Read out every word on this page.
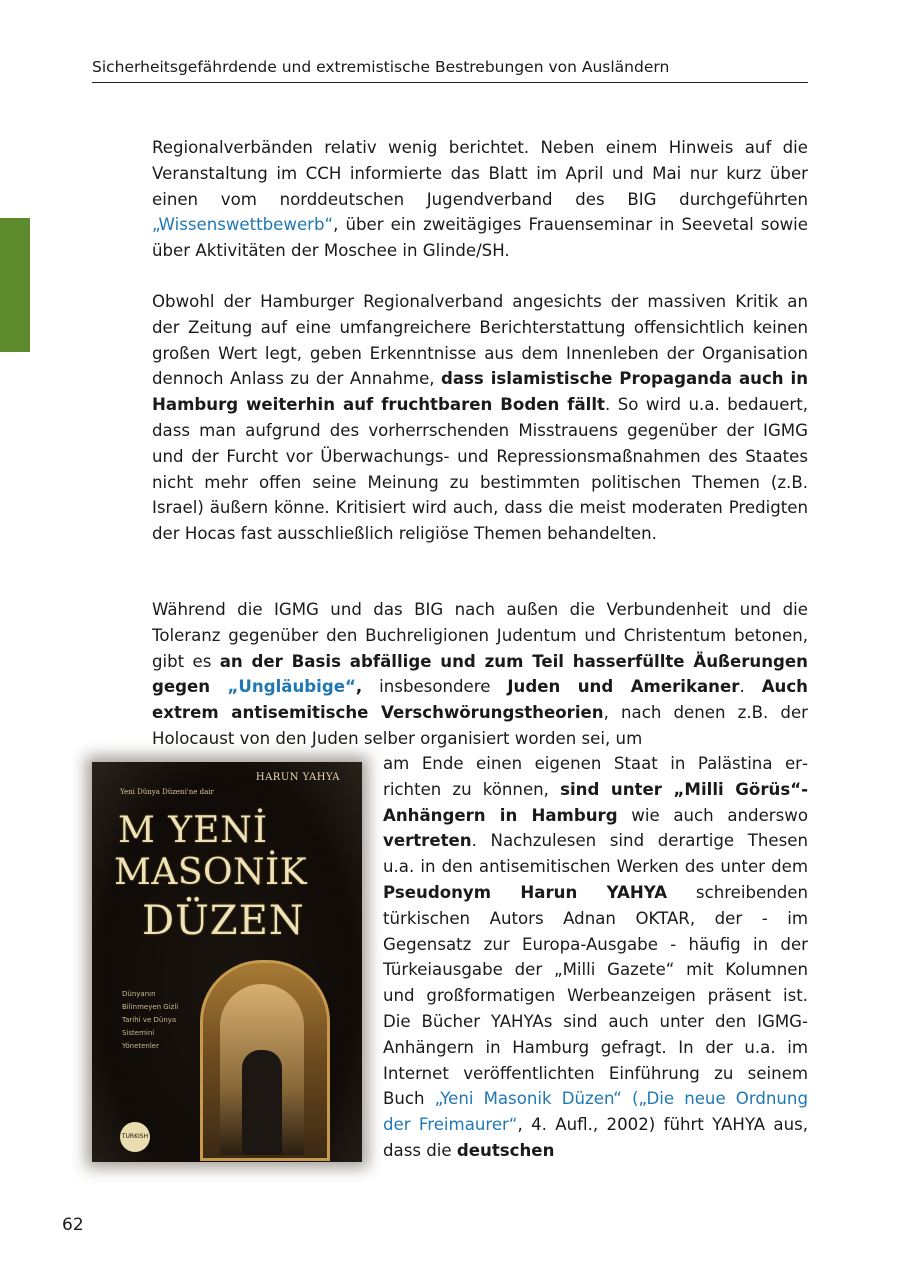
Sicherheitsgefährdende und extremistische Bestrebungen von Ausländern

Regionalverbänden relativ wenig berichtet. Neben einem Hinweis auf die Veranstaltung im CCH informierte das Blatt im April und Mai nur kurz über einen vom norddeutschen Jugendverband des BIG durchgeführten „Wissenswettbewerb“, über ein zweitägiges Frauenseminar in Seevetal sowie über Aktivitäten der Moschee in Glinde/SH.

Obwohl der Hamburger Regionalverband angesichts der massiven Kritik an der Zeitung auf eine umfangreichere Berichterstattung offensichtlich keinen großen Wert legt, geben Erkenntnisse aus dem Innenleben der Organisation dennoch Anlass zu der Annahme, dass islamistische Propaganda auch in Hamburg weiterhin auf fruchtbaren Boden fällt. So wird u.a. bedauert, dass man aufgrund des vorherrschenden Misstrauens gegenüber der IGMG und der Furcht vor Überwachungs- und Repressionsmaßnahmen des Staates nicht mehr offen seine Meinung zu bestimmten politischen Themen (z.B. Israel) äußern könne. Kritisiert wird auch, dass die meist moderaten Predigten der Hocas fast ausschließlich religiöse Themen behandelten.

Während die IGMG und das BIG nach außen die Verbundenheit und die Toleranz gegenüber den Buchreligionen Judentum und Christentum betonen, gibt es an der Basis abfällige und zum Teil hasserfüllte Äußerungen gegen „Ungläubige“, insbesondere Juden und Amerikaner. Auch extrem antisemitische Verschwörungstheorien, nach denen z.B. der Holocaust von den Juden selber organisiert worden sei, um

am Ende einen eigenen Staat in Palästina errichten zu können, sind unter „Milli Görüs“-Anhängern in Hamburg wie auch anderswo vertreten. Nachzulesen sind derartige Thesen u.a. in den antisemitischen Werken des unter dem Pseudonym Harun YAHYA schreibenden türkischen Autors Adnan OKTAR, der - im Gegensatz zur Europa-Ausgabe - häufig in der Türkeiausgabe der „Milli Gazete“ mit Kolumnen und großformatigen Werbeanzeigen präsent ist. Die Bücher YAHYAs sind auch unter den IGMG-Anhängern in Hamburg gefragt. In der u.a. im Internet veröffentlichten Einführung zu seinem Buch „Yeni Masonik Düzen“ („Die neue Ordnung der Freimaurer“, 4. Aufl., 2002) führt YAHYA aus, dass die deutschen

HARUN YAHYA
Yeni Dünya Düzeni'ne dair
M YENİ
MASONİK
DÜZEN
Dünyanın Bilinmeyen Gizli Tarihi ve Dünya Sistemini Yönetenler
TURKISH
62
